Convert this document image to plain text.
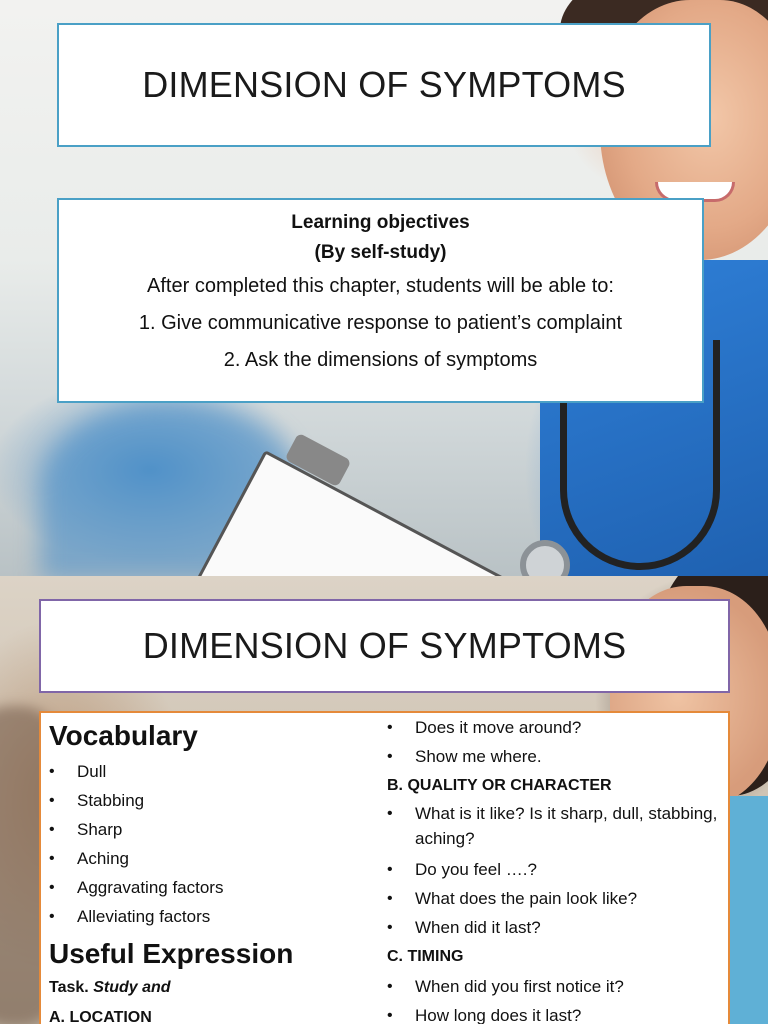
DIMENSION OF SYMPTOMS
Learning objectives
(By self-study)
After completed this chapter, students will be able to:
1. Give communicative response to patient’s complaint
2. Ask the dimensions of symptoms
DIMENSION OF SYMPTOMS
Vocabulary
• Dull
• Stabbing
• Sharp
• Aching
• Aggravating factors
• Alleviating factors
Useful Expression
Task. Study and
A. LOCATION
• Does it move around?
• Show me where.
B. QUALITY OR CHARACTER
• What is it like? Is it sharp, dull, stabbing, aching?
• Do you feel ….?
• What does the pain look like?
• When did it last?
C. TIMING
• When did you first notice it?
• How long does it last?
